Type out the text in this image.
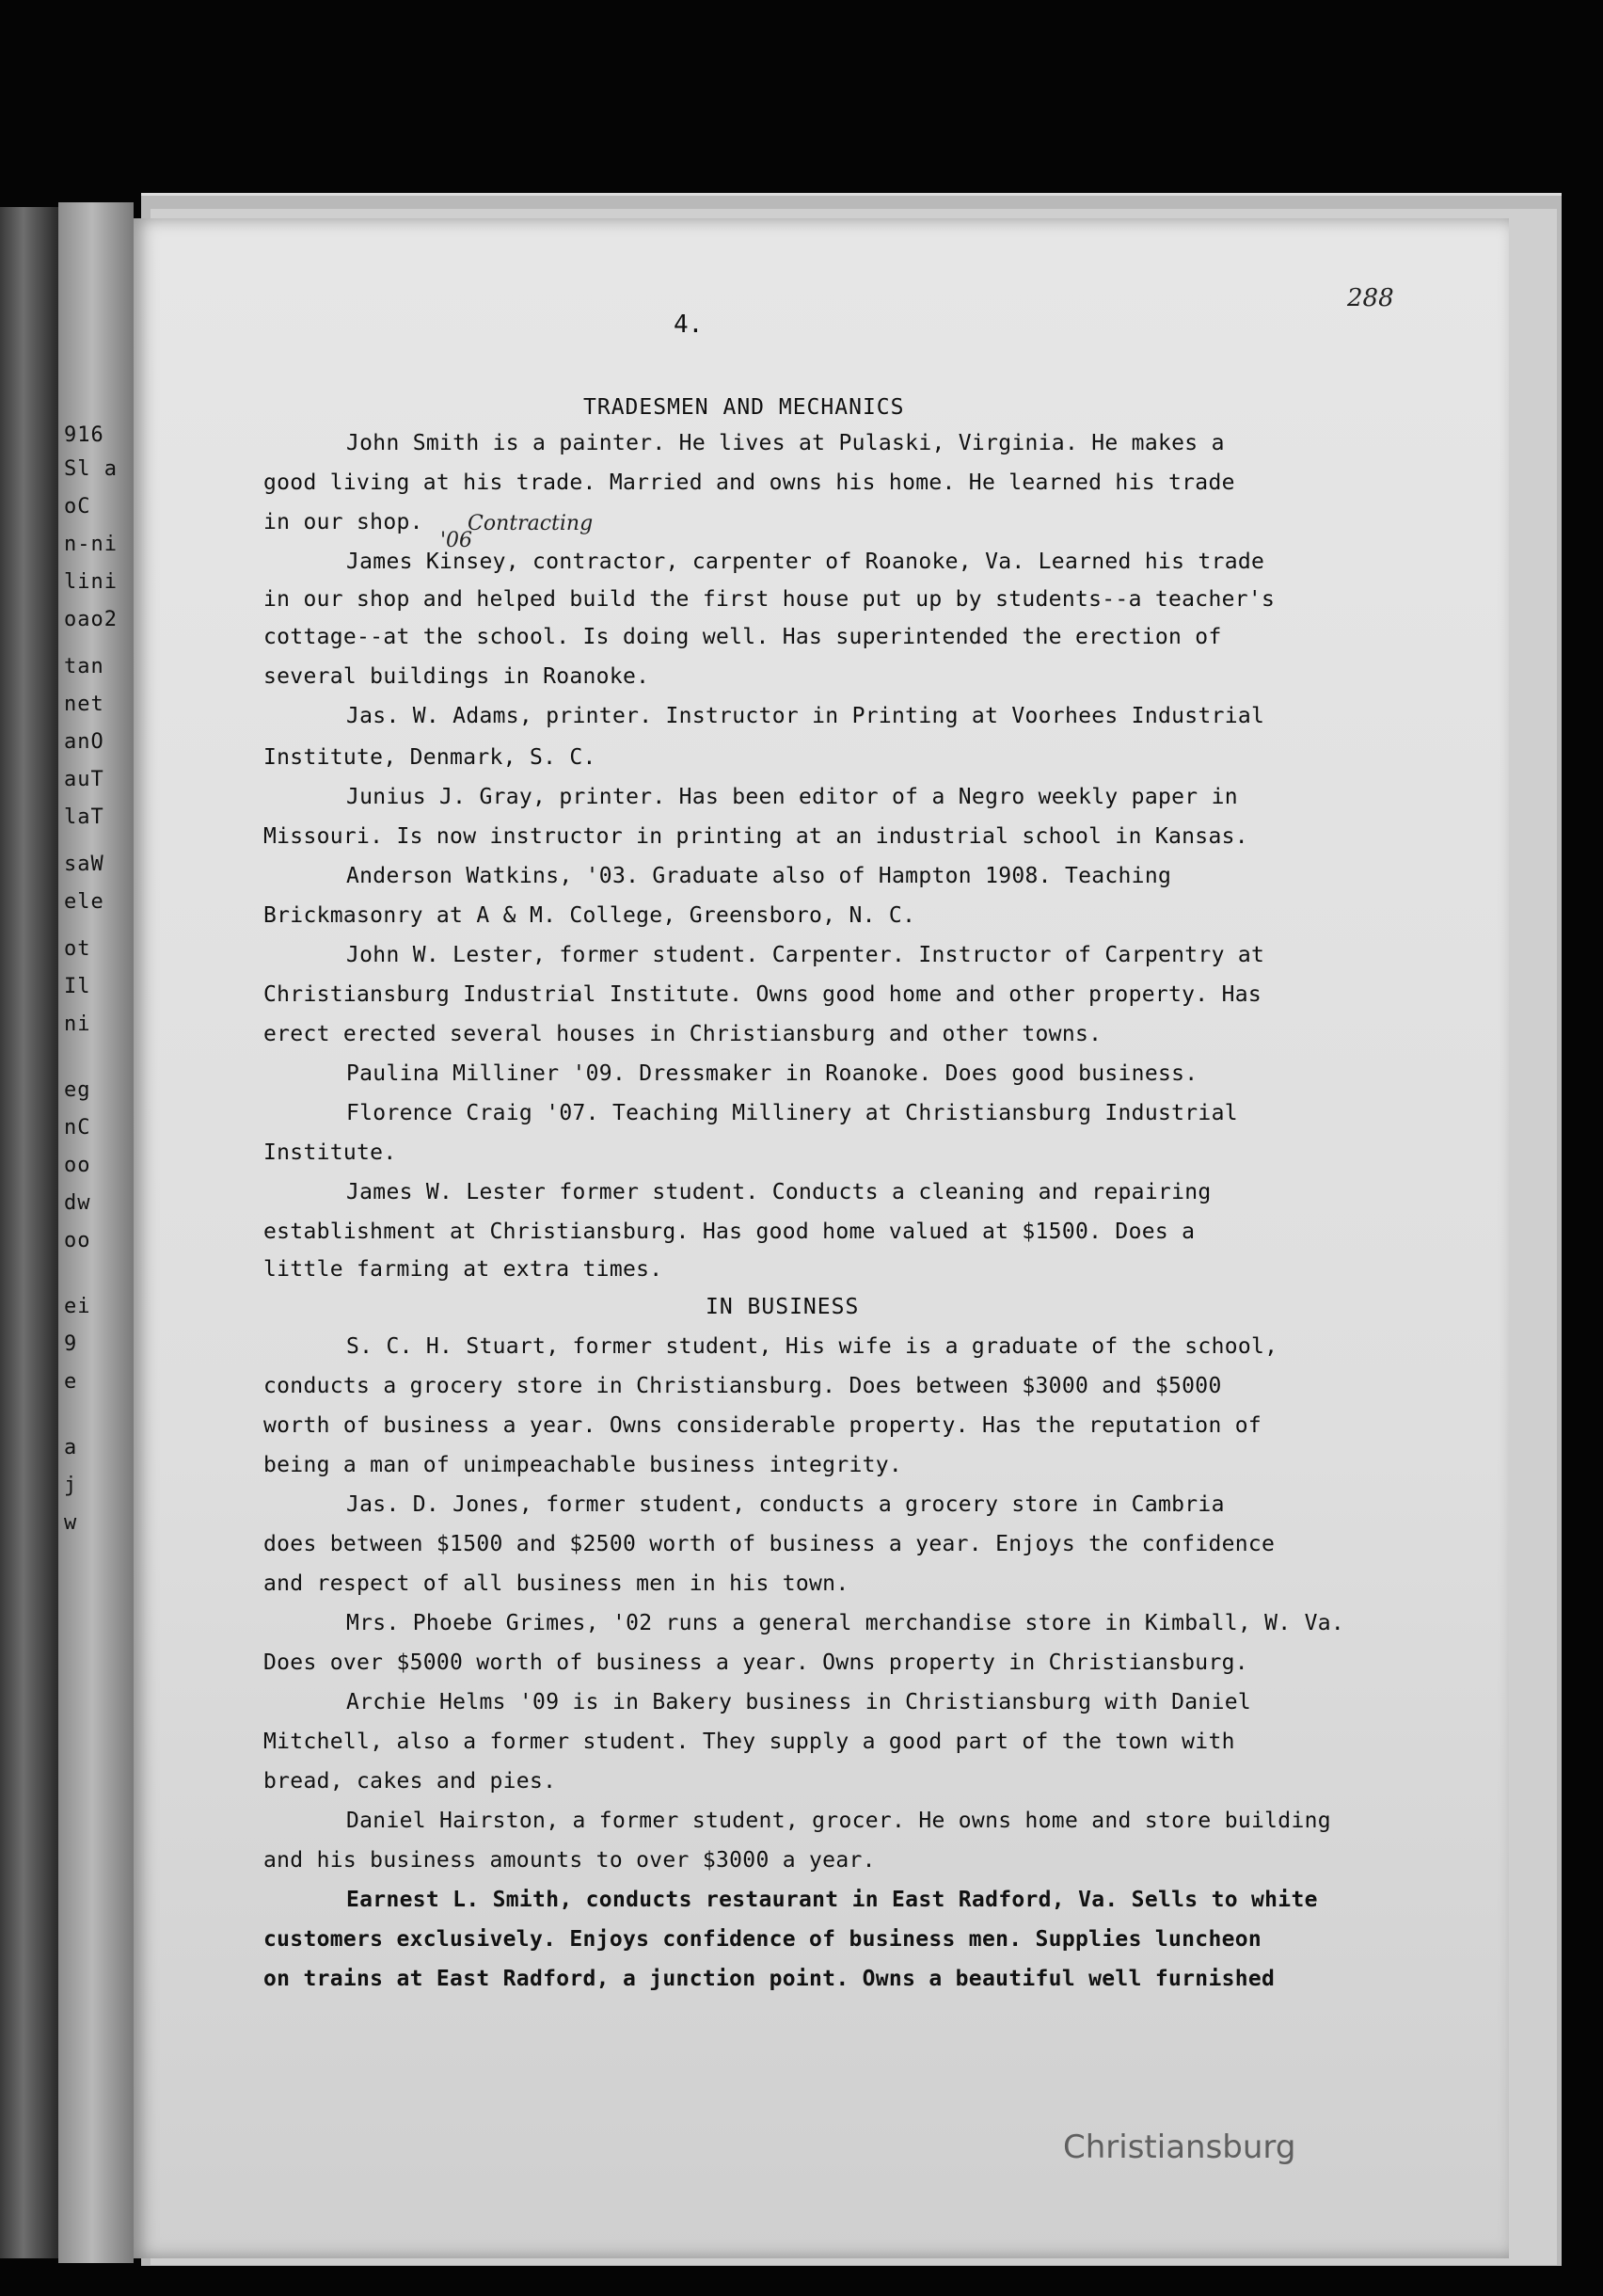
916
Sl a
oC
n-ni
lini
oao2
tan
net
anO
auT
laT
saW
ele
ot
Il
ni
eg
nC
oo
dw
oo
ei
9
e
a
j
w
4.
288
'06
Contracting
TRADESMEN AND MECHANICS
John Smith is a painter. He lives at Pulaski, Virginia. He makes a
good living at his trade. Married and owns his home. He learned his trade
in our shop.
James Kinsey, contractor, carpenter of Roanoke, Va. Learned his trade
in our shop and helped build the first house put up by students--a teacher's
cottage--at the school. Is doing well. Has superintended the erection of
several buildings in Roanoke.
Jas. W. Adams, printer. Instructor in Printing at Voorhees Industrial
Institute, Denmark, S. C.
Junius J. Gray, printer. Has been editor of a Negro weekly paper in
Missouri. Is now instructor in printing at an industrial school in Kansas.
Anderson Watkins, '03. Graduate also of Hampton 1908. Teaching
Brickmasonry at A & M. College, Greensboro, N. C.
John W. Lester, former student. Carpenter. Instructor of Carpentry at
Christiansburg Industrial Institute. Owns good home and other property. Has
erect erected several houses in Christiansburg and other towns.
Paulina Milliner '09. Dressmaker in Roanoke. Does good business.
Florence Craig '07. Teaching Millinery at Christiansburg Industrial
Institute.
James W. Lester former student. Conducts a cleaning and repairing
establishment at Christiansburg. Has good home valued at $1500. Does a
little farming at extra times.
IN BUSINESS
S. C. H. Stuart, former student, His wife is a graduate of the school,
conducts a grocery store in Christiansburg. Does between $3000 and $5000
worth of business a year. Owns considerable property. Has the reputation of
being a man of unimpeachable business integrity.
Jas. D. Jones, former student, conducts a grocery store in Cambria
does between $1500 and $2500 worth of business a year. Enjoys the confidence
and respect of all business men in his town.
Mrs. Phoebe Grimes, '02 runs a general merchandise store in Kimball, W. Va.
Does over $5000 worth of business a year. Owns property in Christiansburg.
Archie Helms '09 is in Bakery business in Christiansburg with Daniel
Mitchell, also a former student. They supply a good part of the town with
bread, cakes and pies.
Daniel Hairston, a former student, grocer. He owns home and store building
and his business amounts to over $3000 a year.
Earnest L. Smith, conducts restaurant in East Radford, Va. Sells to white
customers exclusively. Enjoys confidence of business men. Supplies luncheon
on trains at East Radford, a junction point. Owns a beautiful well furnished
Christiansburg
